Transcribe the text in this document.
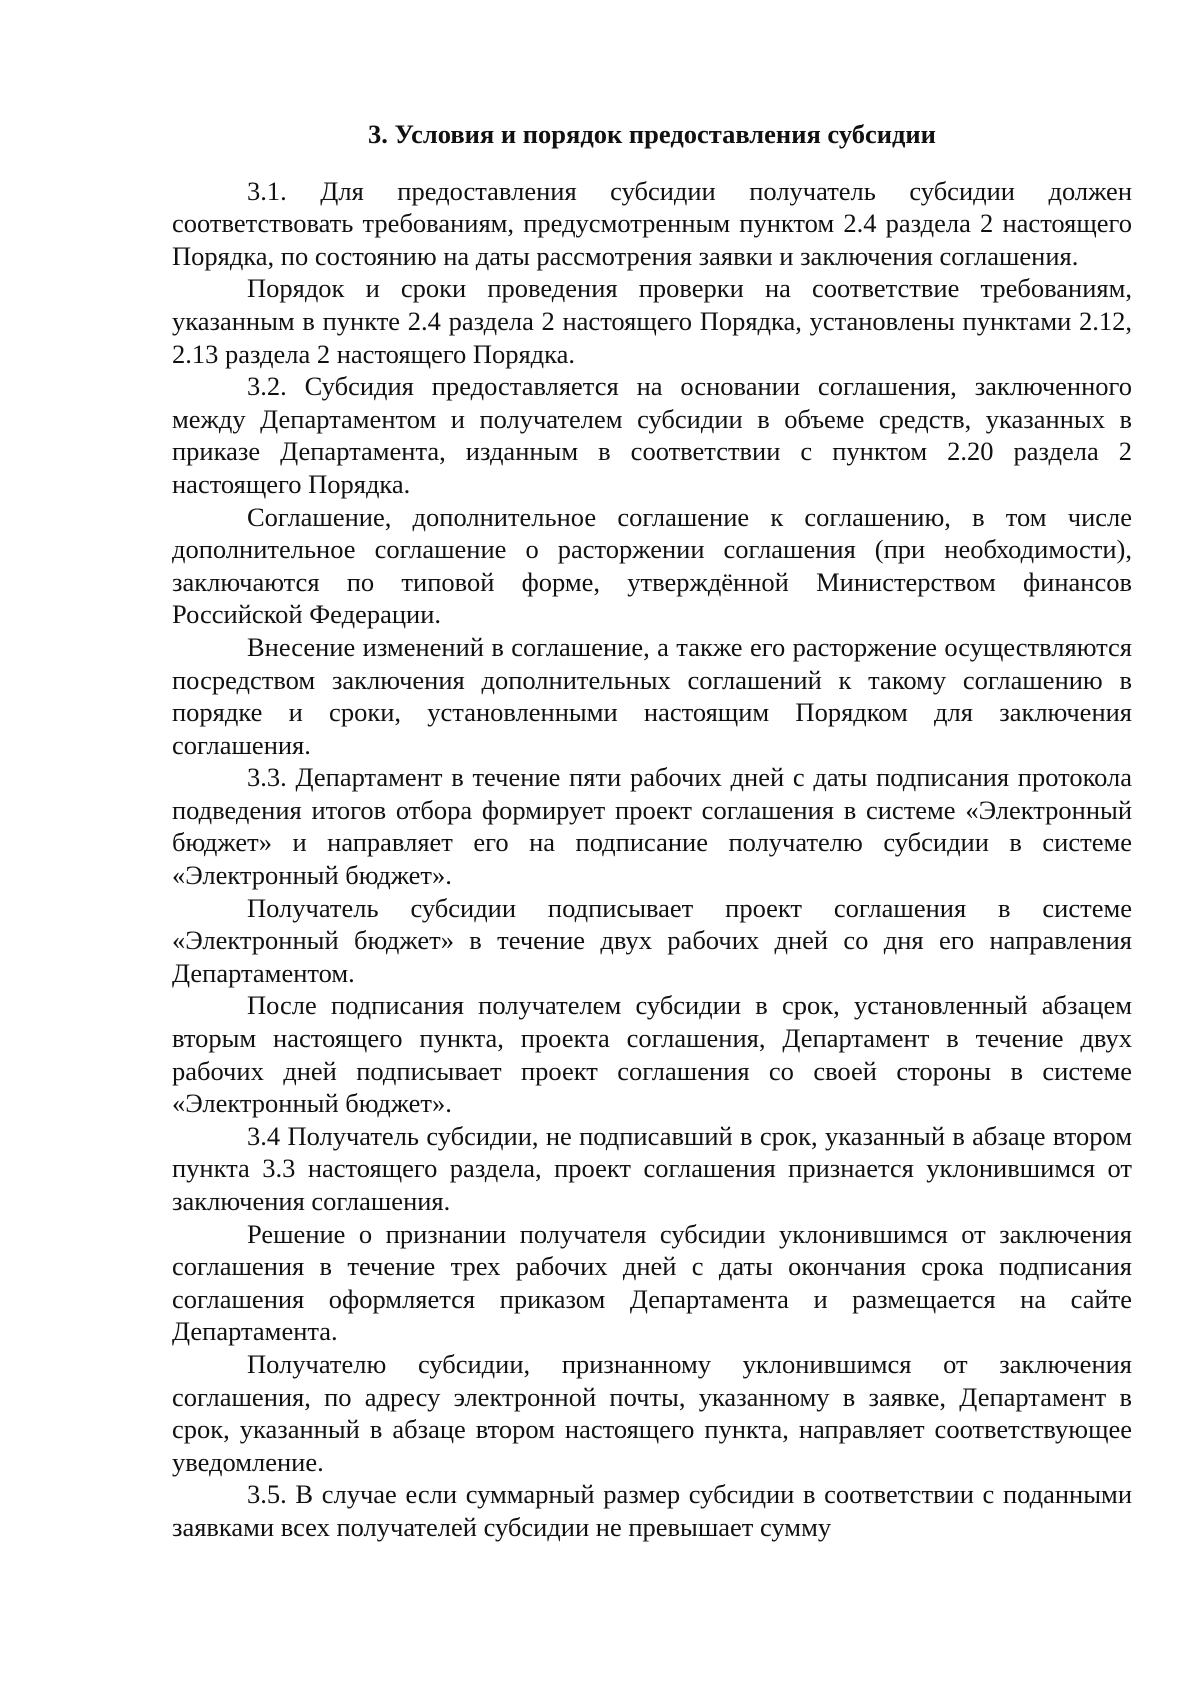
3. Условия и порядок предоставления субсидии

3.1. Для предоставления субсидии получатель субсидии должен соответствовать требованиям, предусмотренным пунктом 2.4 раздела 2 настоящего Порядка, по состоянию на даты рассмотрения заявки и заключения соглашения.

Порядок и сроки проведения проверки на соответствие требованиям, указанным в пункте 2.4 раздела 2 настоящего Порядка, установлены пунктами 2.12, 2.13 раздела 2 настоящего Порядка.

3.2. Субсидия предоставляется на основании соглашения, заключенного между Департаментом и получателем субсидии в объеме средств, указанных в приказе Департамента, изданным в соответствии с пунктом 2.20 раздела 2 настоящего Порядка.

Соглашение, дополнительное соглашение к соглашению, в том числе дополнительное соглашение о расторжении соглашения (при необходимости), заключаются по типовой форме, утверждённой Министерством финансов Российской Федерации.

Внесение изменений в соглашение, а также его расторжение осуществляются посредством заключения дополнительных соглашений к такому соглашению в порядке и сроки, установленными настоящим Порядком для заключения соглашения.

3.3. Департамент в течение пяти рабочих дней с даты подписания протокола подведения итогов отбора формирует проект соглашения в системе «Электронный бюджет» и направляет его на подписание получателю субсидии в системе «Электронный бюджет».

Получатель субсидии подписывает проект соглашения в системе «Электронный бюджет» в течение двух рабочих дней со дня его направления Департаментом.

После подписания получателем субсидии в срок, установленный абзацем вторым настоящего пункта, проекта соглашения, Департамент в течение двух рабочих дней подписывает проект соглашения со своей стороны в системе «Электронный бюджет».

3.4 Получатель субсидии, не подписавший в срок, указанный в абзаце втором пункта 3.3 настоящего раздела, проект соглашения признается уклонившимся от заключения соглашения.

Решение о признании получателя субсидии уклонившимся от заключения соглашения в течение трех рабочих дней с даты окончания срока подписания соглашения оформляется приказом Департамента и размещается на сайте Департамента.

Получателю субсидии, признанному уклонившимся от заключения соглашения, по адресу электронной почты, указанному в заявке, Департамент в срок, указанный в абзаце втором настоящего пункта, направляет соответствующее уведомление.

3.5. В случае если суммарный размер субсидии в соответствии с поданными заявками всех получателей субсидии не превышает сумму
